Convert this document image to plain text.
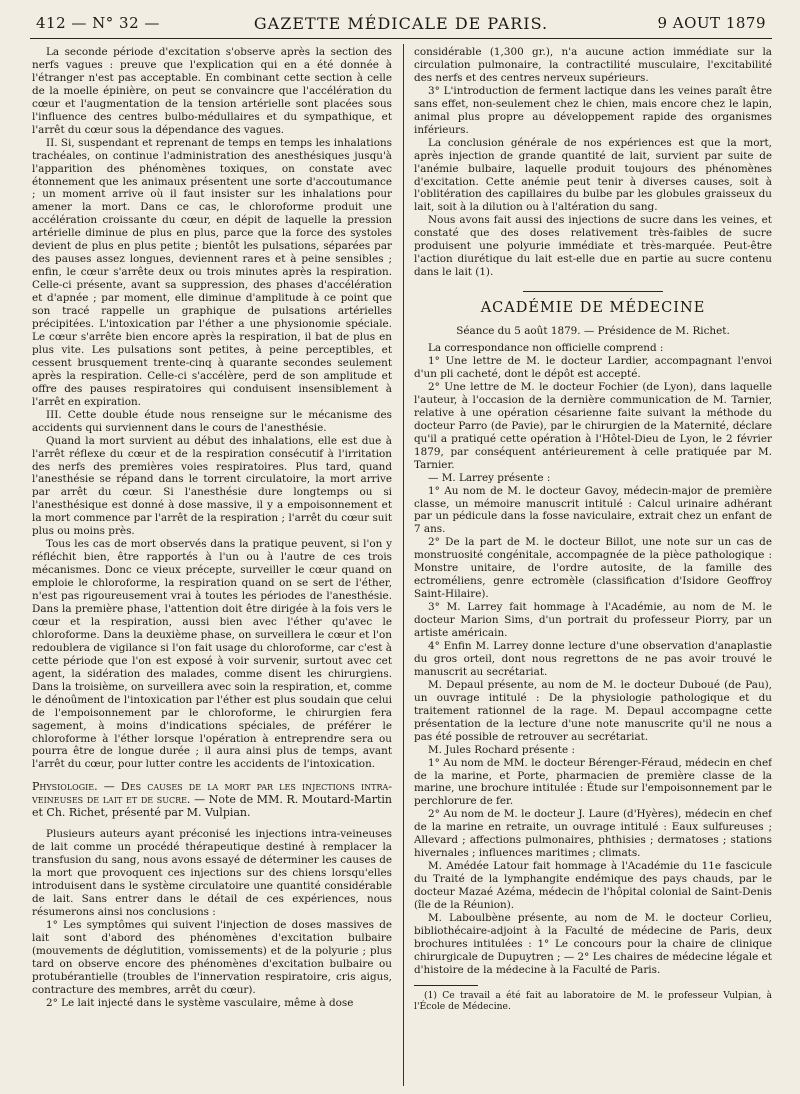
412 — N° 32 —	GAZETTE MÉDICALE DE PARIS.	9 AOUT 1879

La seconde période d'excitation s'observe après la section des nerfs vagues : preuve que l'explication qui en a été donnée à l'étranger n'est pas acceptable. En combinant cette section à celle de la moelle épinière, on peut se convaincre que l'accélération du cœur et l'augmentation de la tension artérielle sont placées sous l'influence des centres bulbo-médullaires et du sympathique, et l'arrêt du cœur sous la dépendance des vagues.

II. Si, suspendant et reprenant de temps en temps les inhalations trachéales, on continue l'administration des anesthésiques jusqu'à l'apparition des phénomènes toxiques, on constate avec étonnement que les animaux présentent une sorte d'accoutumance ; un moment arrive où il faut insister sur les inhalations pour amener la mort. Dans ce cas, le chloroforme produit une accélération croissante du cœur, en dépit de laquelle la pression artérielle diminue de plus en plus, parce que la force des systoles devient de plus en plus petite ; bientôt les pulsations, séparées par des pauses assez longues, deviennent rares et à peine sensibles ; enfin, le cœur s'arrête deux ou trois minutes après la respiration. Celle-ci présente, avant sa suppression, des phases d'accélération et d'apnée ; par moment, elle diminue d'amplitude à ce point que son tracé rappelle un graphique de pulsations artérielles précipitées. L'intoxication par l'éther a une physionomie spéciale. Le cœur s'arrête bien encore après la respiration, il bat de plus en plus vite. Les pulsations sont petites, à peine perceptibles, et cessent brusquement trente-cinq à quarante secondes seulement après la respiration. Celle-ci s'accélère, perd de son amplitude et offre des pauses respiratoires qui conduisent insensiblement à l'arrêt en expiration.

III. Cette double étude nous renseigne sur le mécanisme des accidents qui surviennent dans le cours de l'anesthésie.

Quand la mort survient au début des inhalations, elle est due à l'arrêt réflexe du cœur et de la respiration consécutif à l'irritation des nerfs des premières voies respiratoires. Plus tard, quand l'anesthésie se répand dans le torrent circulatoire, la mort arrive par arrêt du cœur. Si l'anesthésie dure longtemps ou si l'anesthésique est donné à dose massive, il y a empoisonnement et la mort commence par l'arrêt de la respiration ; l'arrêt du cœur suit plus ou moins près.

Tous les cas de mort observés dans la pratique peuvent, si l'on y réfléchit bien, être rapportés à l'un ou à l'autre de ces trois mécanismes. Donc ce vieux précepte, surveiller le cœur quand on emploie le chloroforme, la respiration quand on se sert de l'éther, n'est pas rigoureusement vrai à toutes les périodes de l'anesthésie. Dans la première phase, l'attention doit être dirigée à la fois vers le cœur et la respiration, aussi bien avec l'éther qu'avec le chloroforme. Dans la deuxième phase, on surveillera le cœur et l'on redoublera de vigilance si l'on fait usage du chloroforme, car c'est à cette période que l'on est exposé à voir survenir, surtout avec cet agent, la sidération des malades, comme disent les chirurgiens. Dans la troisième, on surveillera avec soin la respiration, et, comme le dénoûment de l'intoxication par l'éther est plus soudain que celui de l'empoisonnement par le chloroforme, le chirurgien fera sagement, à moins d'indications spéciales, de préférer le chloroforme à l'éther lorsque l'opération à entreprendre sera ou pourra être de longue durée ; il aura ainsi plus de temps, avant l'arrêt du cœur, pour lutter contre les accidents de l'intoxication.

Physiologie. — Des causes de la mort par les injections intra-veineuses de lait et de sucre. — Note de MM. R. Moutard-Martin et Ch. Richet, présenté par M. Vulpian.

Plusieurs auteurs ayant préconisé les injections intra-veineuses de lait comme un procédé thérapeutique destiné à remplacer la transfusion du sang, nous avons essayé de déterminer les causes de la mort que provoquent ces injections sur des chiens lorsqu'elles introduisent dans le système circulatoire une quantité considérable de lait. Sans entrer dans le détail de ces expériences, nous résumerons ainsi nos conclusions :

1° Les symptômes qui suivent l'injection de doses massives de lait sont d'abord des phénomènes d'excitation bulbaire (mouvements de déglutition, vomissements) et de la polyurie ; plus tard on observe encore des phénomènes d'excitation bulbaire ou protubérantielle (troubles de l'innervation respiratoire, cris aigus, contracture des membres, arrêt du cœur).

2° Le lait injecté dans le système vasculaire, même à dose

considérable (1,300 gr.), n'a aucune action immédiate sur la circulation pulmonaire, la contractilité musculaire, l'excitabilité des nerfs et des centres nerveux supérieurs.

3° L'introduction de ferment lactique dans les veines paraît être sans effet, non-seulement chez le chien, mais encore chez le lapin, animal plus propre au développement rapide des organismes inférieurs.

La conclusion générale de nos expériences est que la mort, après injection de grande quantité de lait, survient par suite de l'anémie bulbaire, laquelle produit toujours des phénomènes d'excitation. Cette anémie peut tenir à diverses causes, soit à l'oblitération des capillaires du bulbe par les globules graisseux du lait, soit à la dilution ou à l'altération du sang.

Nous avons fait aussi des injections de sucre dans les veines, et constaté que des doses relativement très-faibles de sucre produisent une polyurie immédiate et très-marquée. Peut-être l'action diurétique du lait est-elle due en partie au sucre contenu dans le lait (1).

ACADÉMIE DE MÉDECINE

Séance du 5 août 1879. — Présidence de M. Richet.

La correspondance non officielle comprend :

1° Une lettre de M. le docteur Lardier, accompagnant l'envoi d'un pli cacheté, dont le dépôt est accepté.

2° Une lettre de M. le docteur Fochier (de Lyon), dans laquelle l'auteur, à l'occasion de la dernière communication de M. Tarnier, relative à une opération césarienne faite suivant la méthode du docteur Parro (de Pavie), par le chirurgien de la Maternité, déclare qu'il a pratiqué cette opération à l'Hôtel-Dieu de Lyon, le 2 février 1879, par conséquent antérieurement à celle pratiquée par M. Tarnier.

— M. Larrey présente :

1° Au nom de M. le docteur Gavoy, médecin-major de première classe, un mémoire manuscrit intitulé : Calcul urinaire adhérant par un pédicule dans la fosse naviculaire, extrait chez un enfant de 7 ans.

2° De la part de M. le docteur Billot, une note sur un cas de monstruosité congénitale, accompagnée de la pièce pathologique : Monstre unitaire, de l'ordre autosite, de la famille des ectroméliens, genre ectromèle (classification d'Isidore Geoffroy Saint-Hilaire).

3° M. Larrey fait hommage à l'Académie, au nom de M. le docteur Marion Sims, d'un portrait du professeur Piorry, par un artiste américain.

4° Enfin M. Larrey donne lecture d'une observation d'anaplastie du gros orteil, dont nous regrettons de ne pas avoir trouvé le manuscrit au secrétariat.

M. Depaul présente, au nom de M. le docteur Duboué (de Pau), un ouvrage intitulé : De la physiologie pathologique et du traitement rationnel de la rage. M. Depaul accompagne cette présentation de la lecture d'une note manuscrite qu'il ne nous a pas été possible de retrouver au secrétariat.

M. Jules Rochard présente :

1° Au nom de MM. le docteur Bérenger-Féraud, médecin en chef de la marine, et Porte, pharmacien de première classe de la marine, une brochure intitulée : Étude sur l'empoisonnement par le perchlorure de fer.

2° Au nom de M. le docteur J. Laure (d'Hyères), médecin en chef de la marine en retraite, un ouvrage intitulé : Eaux sulfureuses ; Allevard ; affections pulmonaires, phthisies ; dermatoses ; stations hivernales ; influences maritimes ; climats.

M. Amédée Latour fait hommage à l'Académie du 11e fascicule du Traité de la lymphangite endémique des pays chauds, par le docteur Mazaé Azéma, médecin de l'hôpital colonial de Saint-Denis (île de la Réunion).

M. Laboulbène présente, au nom de M. le docteur Corlieu, bibliothécaire-adjoint à la Faculté de médecine de Paris, deux brochures intitulées : 1° Le concours pour la chaire de clinique chirurgicale de Dupuytren ; — 2° Les chaires de médecine légale et d'histoire de la médecine à la Faculté de Paris.

(1) Ce travail a été fait au laboratoire de M. le professeur Vulpian, à l'École de Médecine.
